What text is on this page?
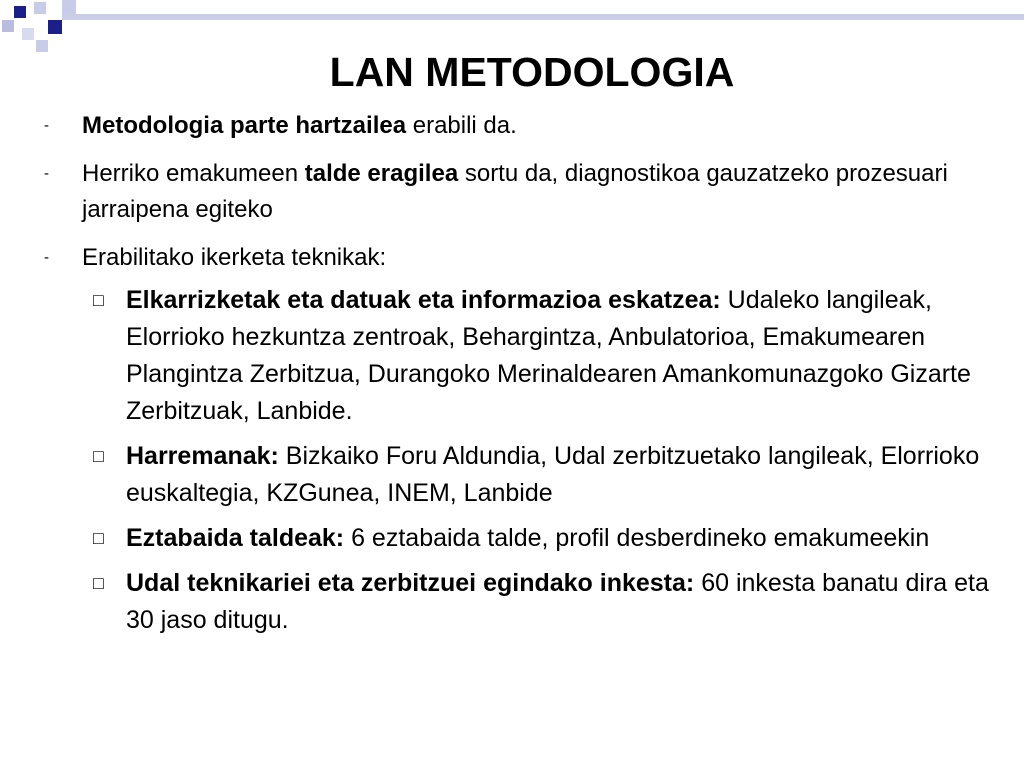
LAN METODOLOGIA
-	Metodologia parte hartzailea erabili da.
-	Herriko emakumeen talde eragilea sortu da, diagnostikoa gauzatzeko prozesuari jarraipena egiteko
-	Erabilitako ikerketa teknikak:
□ Elkarrizketak eta datuak eta informazioa eskatzea: Udaleko langileak, Elorrioko hezkuntza zentroak, Behargintza, Anbulatorioa, Emakumearen Plangintza Zerbitzua, Durangoko Merinaldearen Amankomunazgoko Gizarte Zerbitzuak, Lanbide.
□ Harremanak: Bizkaiko Foru Aldundia, Udal zerbitzuetako langileak, Elorrioko euskaltegia, KZGunea, INEM, Lanbide
□ Eztabaida taldeak: 6 eztabaida talde, profil desberdineko emakumeekin
□ Udal teknikariei eta zerbitzuei egindako inkesta: 60 inkesta banatu dira eta 30 jaso ditugu.
